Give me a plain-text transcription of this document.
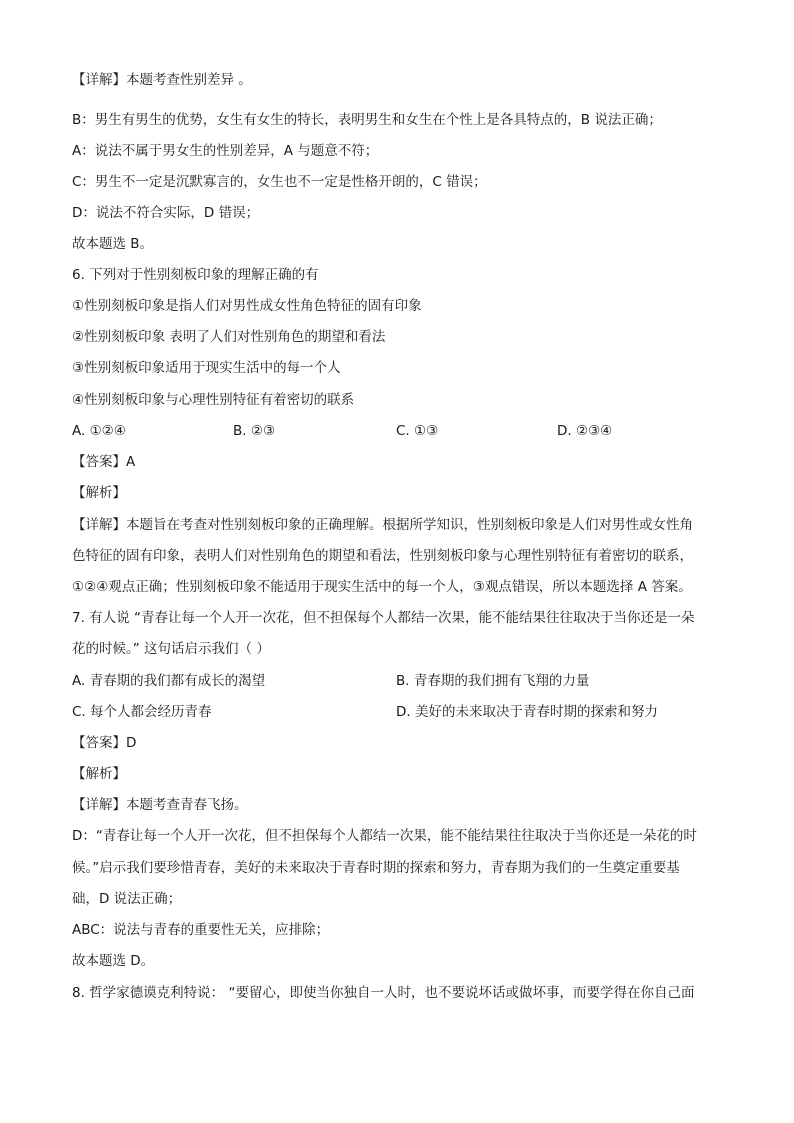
【详解】本题考查性别差异 。
B：男生有男生的优势，女生有女生的特长，表明男生和女生在个性上是各具特点的，B 说法正确；
A：说法不属于男女生的性别差异，A 与题意不符；
C：男生不一定是沉默寡言的，女生也不一定是性格开朗的，C 错误；
D：说法不符合实际，D 错误；
故本题选 B。
6. 下列对于性别刻板印象的理解正确的有
①性别刻板印象是指人们对男性成女性角色特征的固有印象
②性别刻板印象 表明了人们对性别角色的期望和看法
③性别刻板印象适用于现实生活中的每一个人
④性别刻板印象与心理性别特征有着密切的联系
A. ①②④	B. ②③	C. ①③	D. ②③④
【答案】A
【解析】
【详解】本题旨在考查对性别刻板印象的正确理解。根据所学知识，性别刻板印象是人们对男性或女性角
色特征的固有印象，表明人们对性别角色的期望和看法，性别刻板印象与心理性别特征有着密切的联系，
①②④观点正确；性别刻板印象不能适用于现实生活中的每一个人，③观点错误，所以本题选择 A 答案。
7. 有人说 “青春让每一个人开一次花，但不担保每个人都结一次果，能不能结果往往取决于当你还是一朵
花的时候。” 这句话启示我们（ ）
A. 青春期的我们都有成长的渴望	B. 青春期的我们拥有飞翔的力量
C. 每个人都会经历青春	D. 美好的未来取决于青春时期的探索和努力
【答案】D
【解析】
【详解】本题考查青春飞扬。
D：“青春让每一个人开一次花，但不担保每个人都结一次果，能不能结果往往取决于当你还是一朵花的时
候。”启示我们要珍惜青春，美好的未来取决于青春时期的探索和努力，青春期为我们的一生奠定重要基
础，D 说法正确；
ABC：说法与青春的重要性无关，应排除；
故本题选 D。
8. 哲学家德谟克利特说： “要留心，即使当你独自一人时，也不要说坏话或做坏事，而要学得在你自己面
